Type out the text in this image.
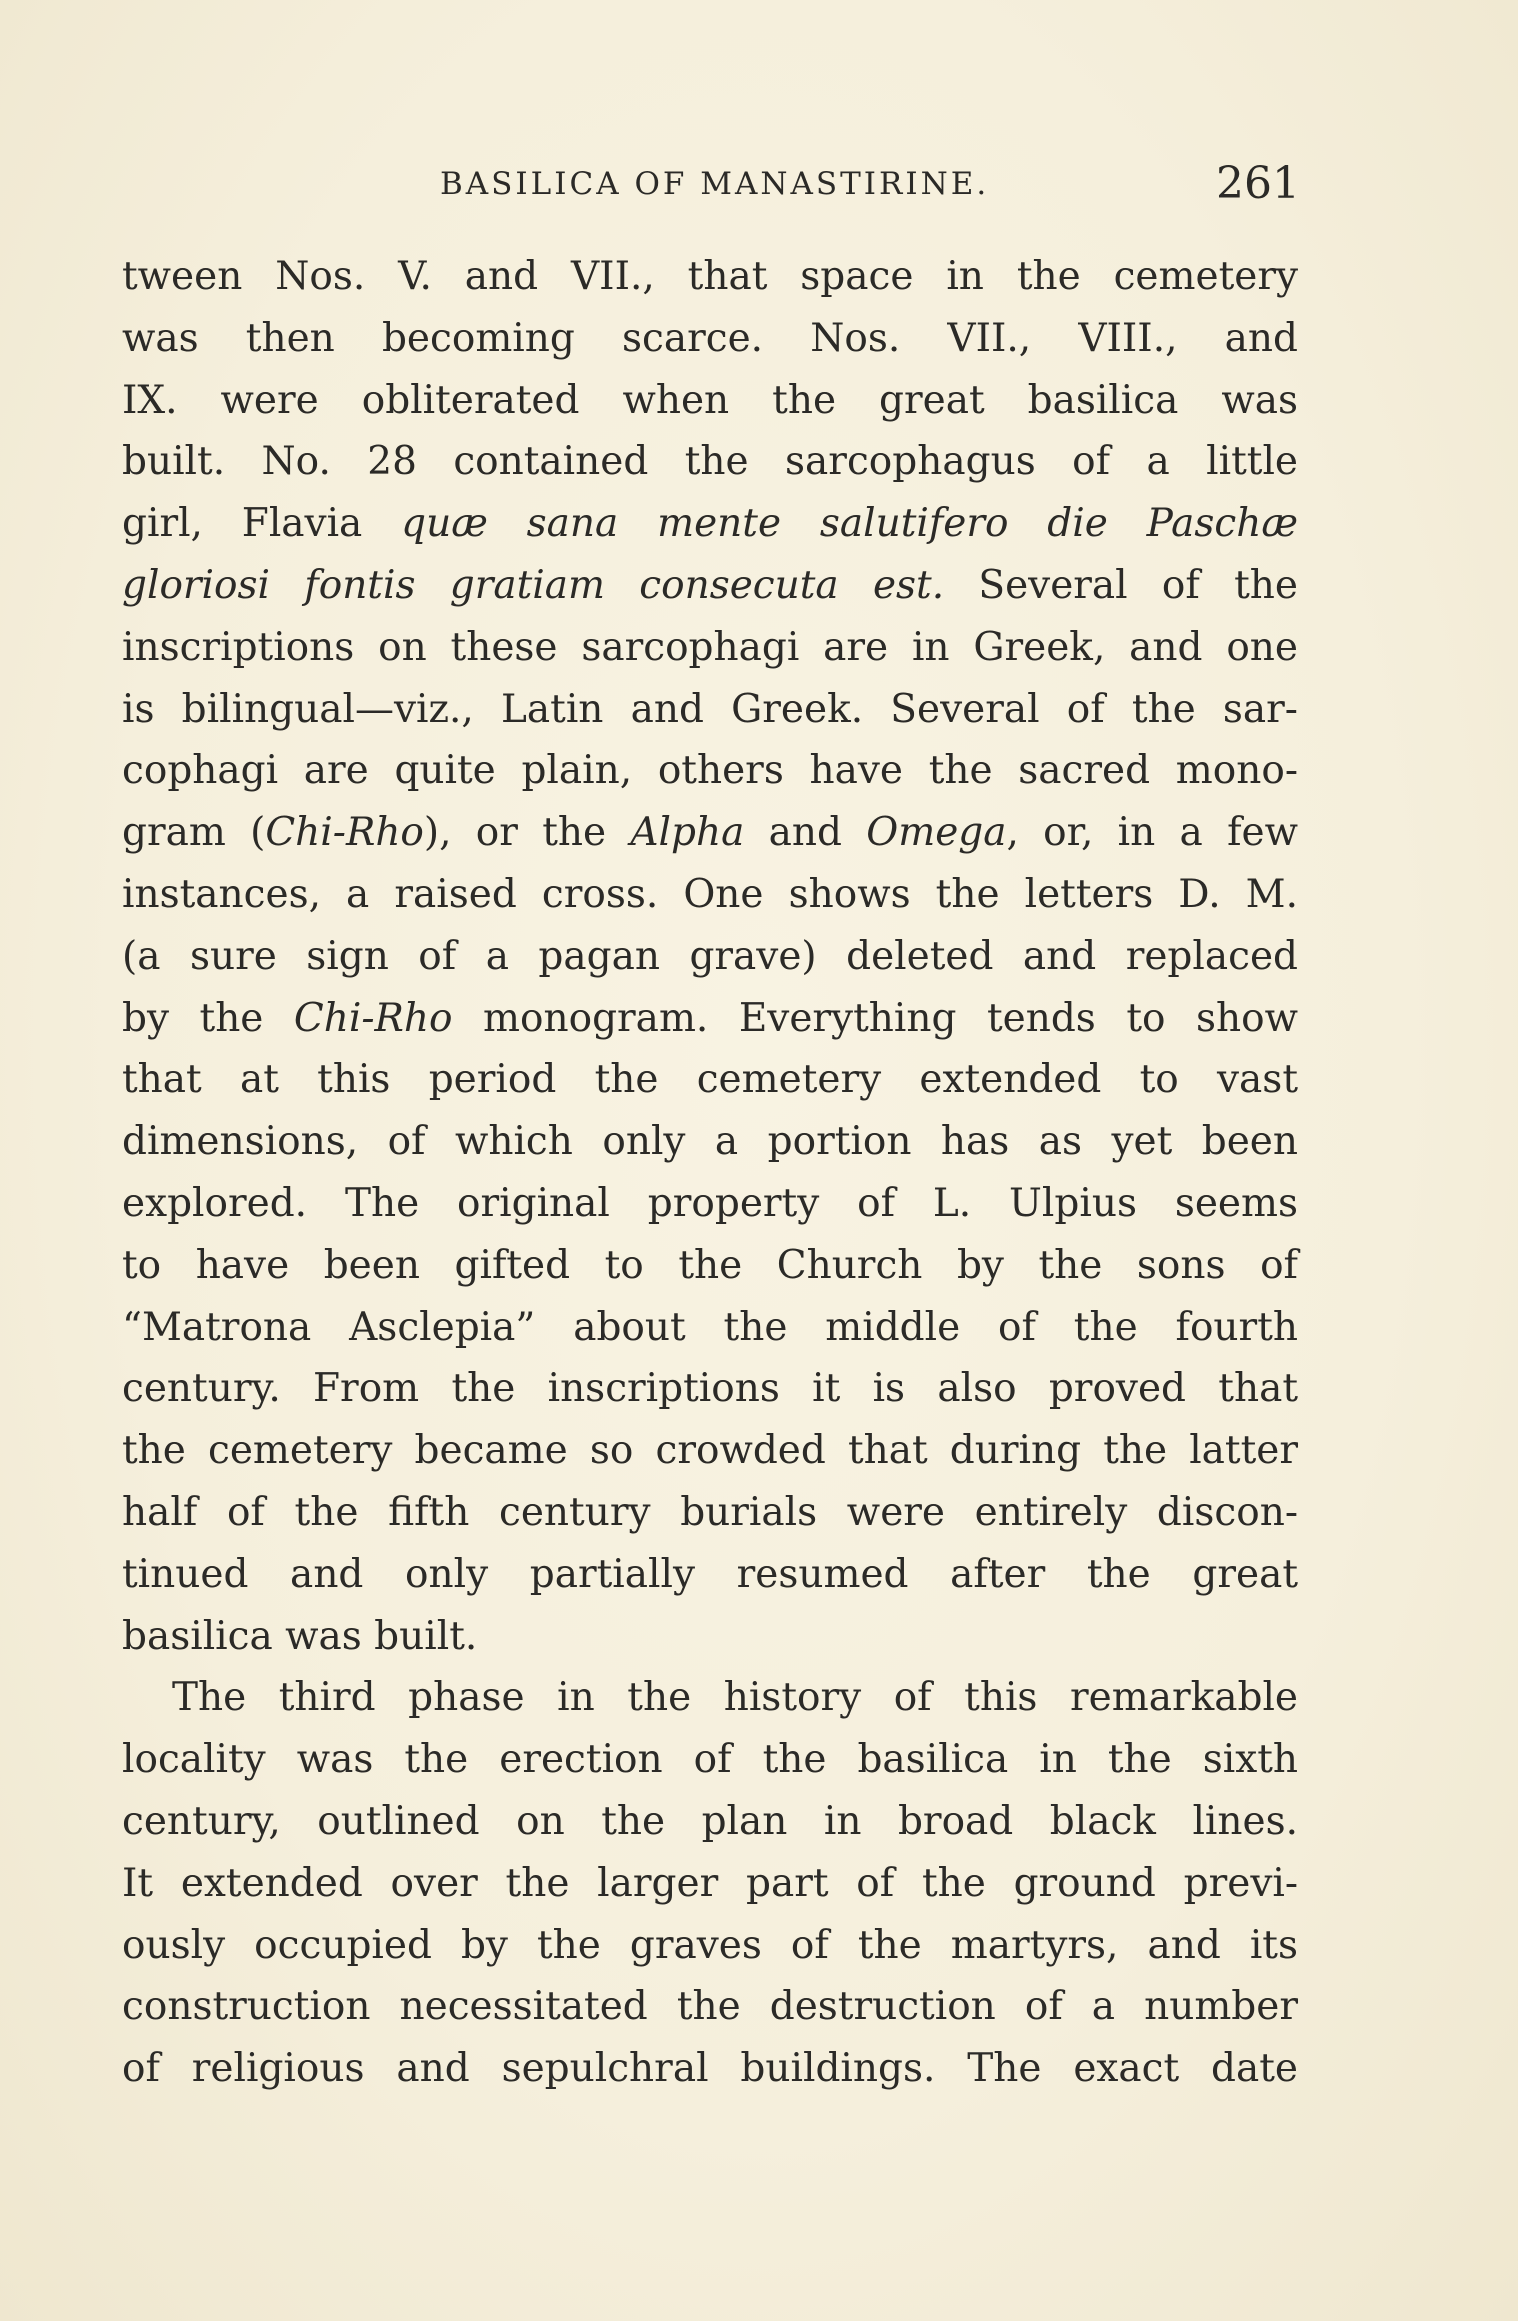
BASILICA OF MANASTIRINE.	261
tween Nos. V. and VII., that space in the cemetery
was then becoming scarce. Nos. VII., VIII., and
IX. were obliterated when the great basilica was
built. No. 28 contained the sarcophagus of a little
girl, Flavia quæ sana mente salutifero die Paschæ
gloriosi fontis gratiam consecuta est. Several of the
inscriptions on these sarcophagi are in Greek, and one
is bilingual—viz., Latin and Greek. Several of the sar-
cophagi are quite plain, others have the sacred mono-
gram (Chi-Rho), or the Alpha and Omega, or, in a few
instances, a raised cross. One shows the letters D. M.
(a sure sign of a pagan grave) deleted and replaced
by the Chi-Rho monogram. Everything tends to show
that at this period the cemetery extended to vast
dimensions, of which only a portion has as yet been
explored. The original property of L. Ulpius seems
to have been gifted to the Church by the sons of
“Matrona Asclepia” about the middle of the fourth
century. From the inscriptions it is also proved that
the cemetery became so crowded that during the latter
half of the fifth century burials were entirely discon-
tinued and only partially resumed after the great
basilica was built.
The third phase in the history of this remarkable
locality was the erection of the basilica in the sixth
century, outlined on the plan in broad black lines.
It extended over the larger part of the ground previ-
ously occupied by the graves of the martyrs, and its
construction necessitated the destruction of a number
of religious and sepulchral buildings. The exact date
